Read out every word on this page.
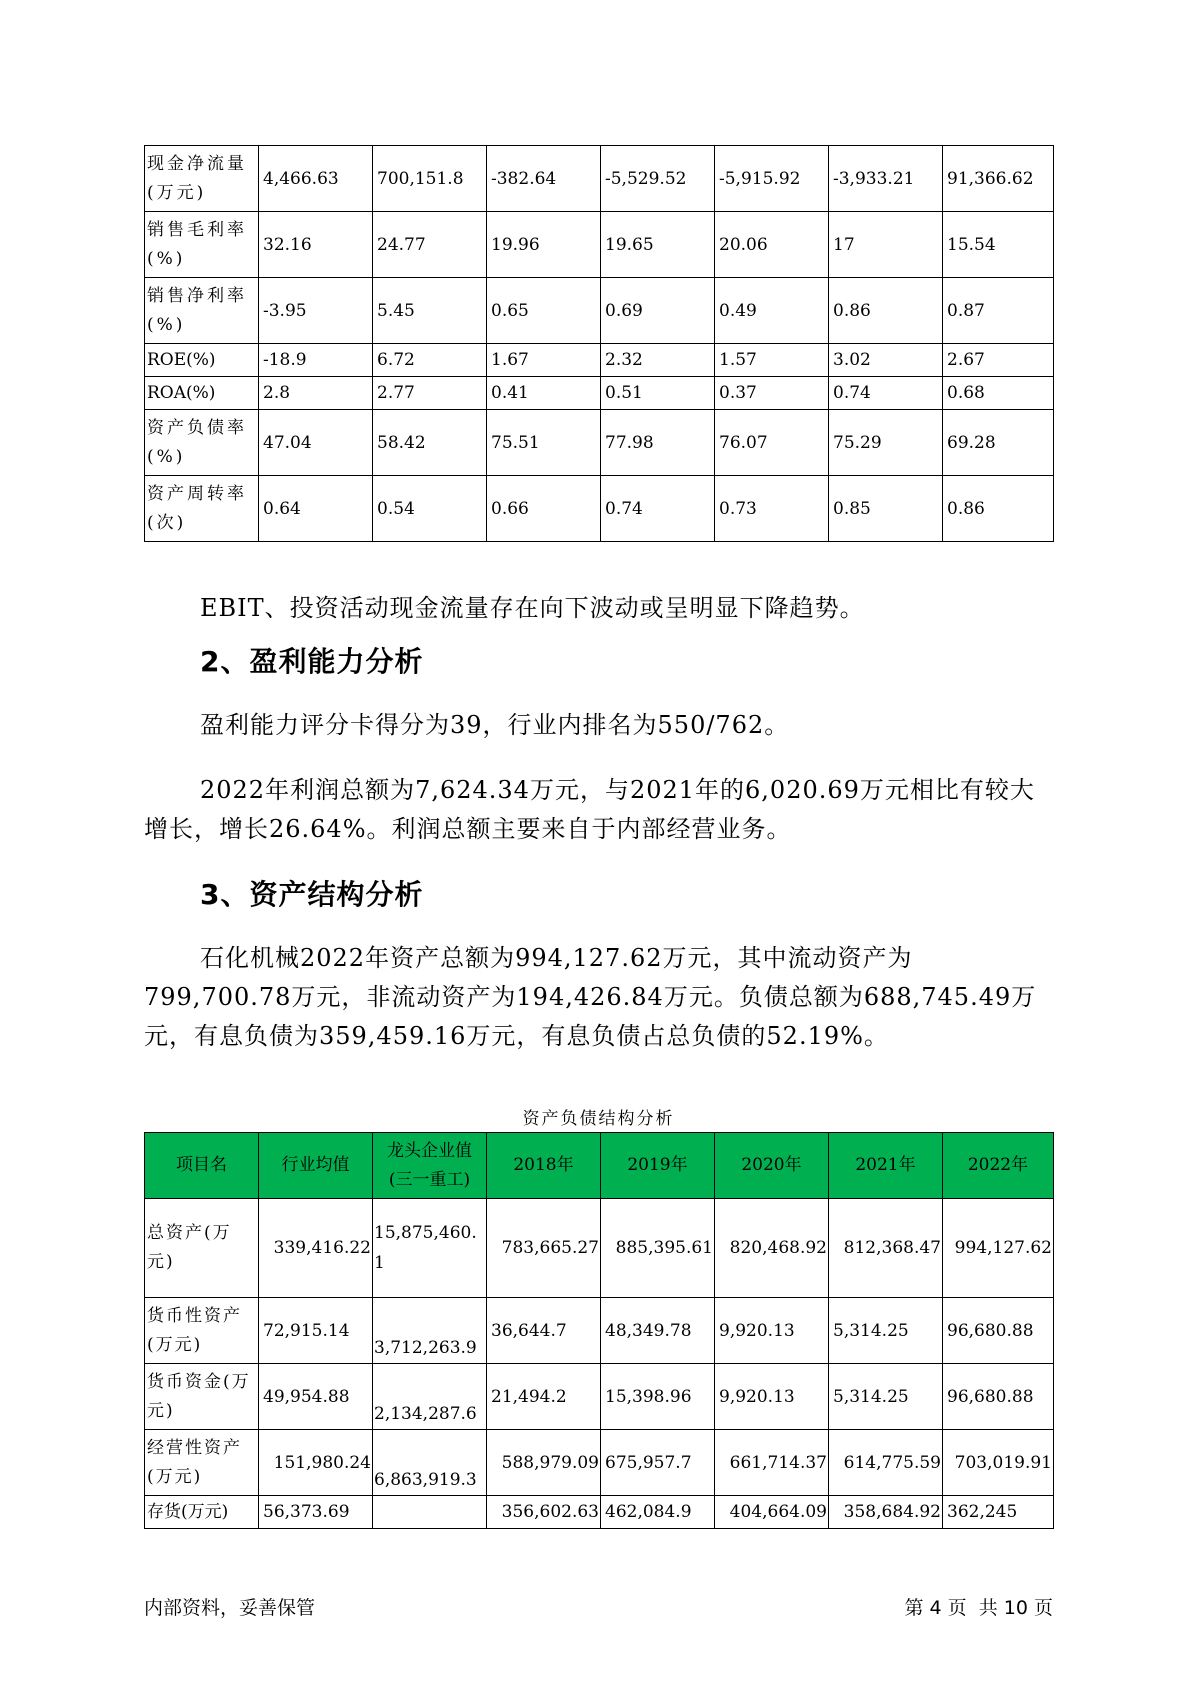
现金净流量(万元)	4,466.63	700,151.8	-382.64	-5,529.52	-5,915.92	-3,933.21	91,366.62
销售毛利率(%)	32.16	24.77	19.96	19.65	20.06	17	15.54
销售净利率(%)	-3.95	5.45	0.65	0.69	0.49	0.86	0.87
ROE(%)	-18.9	6.72	1.67	2.32	1.57	3.02	2.67
ROA(%)	2.8	2.77	0.41	0.51	0.37	0.74	0.68
资产负债率(%)	47.04	58.42	75.51	77.98	76.07	75.29	69.28
资产周转率(次)	0.64	0.54	0.66	0.74	0.73	0.85	0.86

EBIT、投资活动现金流量存在向下波动或呈明显下降趋势。

2、盈利能力分析

盈利能力评分卡得分为39，行业内排名为550/762。

2022年利润总额为7,624.34万元，与2021年的6,020.69万元相比有较大增长，增长26.64%。利润总额主要来自于内部经营业务。

3、资产结构分析

石化机械2022年资产总额为994,127.62万元，其中流动资产为799,700.78万元，非流动资产为194,426.84万元。负债总额为688,745.49万元，有息负债为359,459.16万元，有息负债占总负债的52.19%。

资产负债结构分析

项目名	行业均值	龙头企业值(三一重工)	2018年	2019年	2020年	2021年	2022年
总资产(万元)	339,416.22	15,875,460.1	783,665.27	885,395.61	820,468.92	812,368.47	994,127.62
货币性资产(万元)	72,915.14	3,712,263.9	36,644.7	48,349.78	9,920.13	5,314.25	96,680.88
货币资金(万元)	49,954.88	2,134,287.6	21,494.2	15,398.96	9,920.13	5,314.25	96,680.88
经营性资产(万元)	151,980.24	6,863,919.3	588,979.09	675,957.7	661,714.37	614,775.59	703,019.91
存货(万元)	56,373.69		356,602.63	462,084.9	404,664.09	358,684.92	362,245

内部资料，妥善保管	第 4 页  共 10 页
